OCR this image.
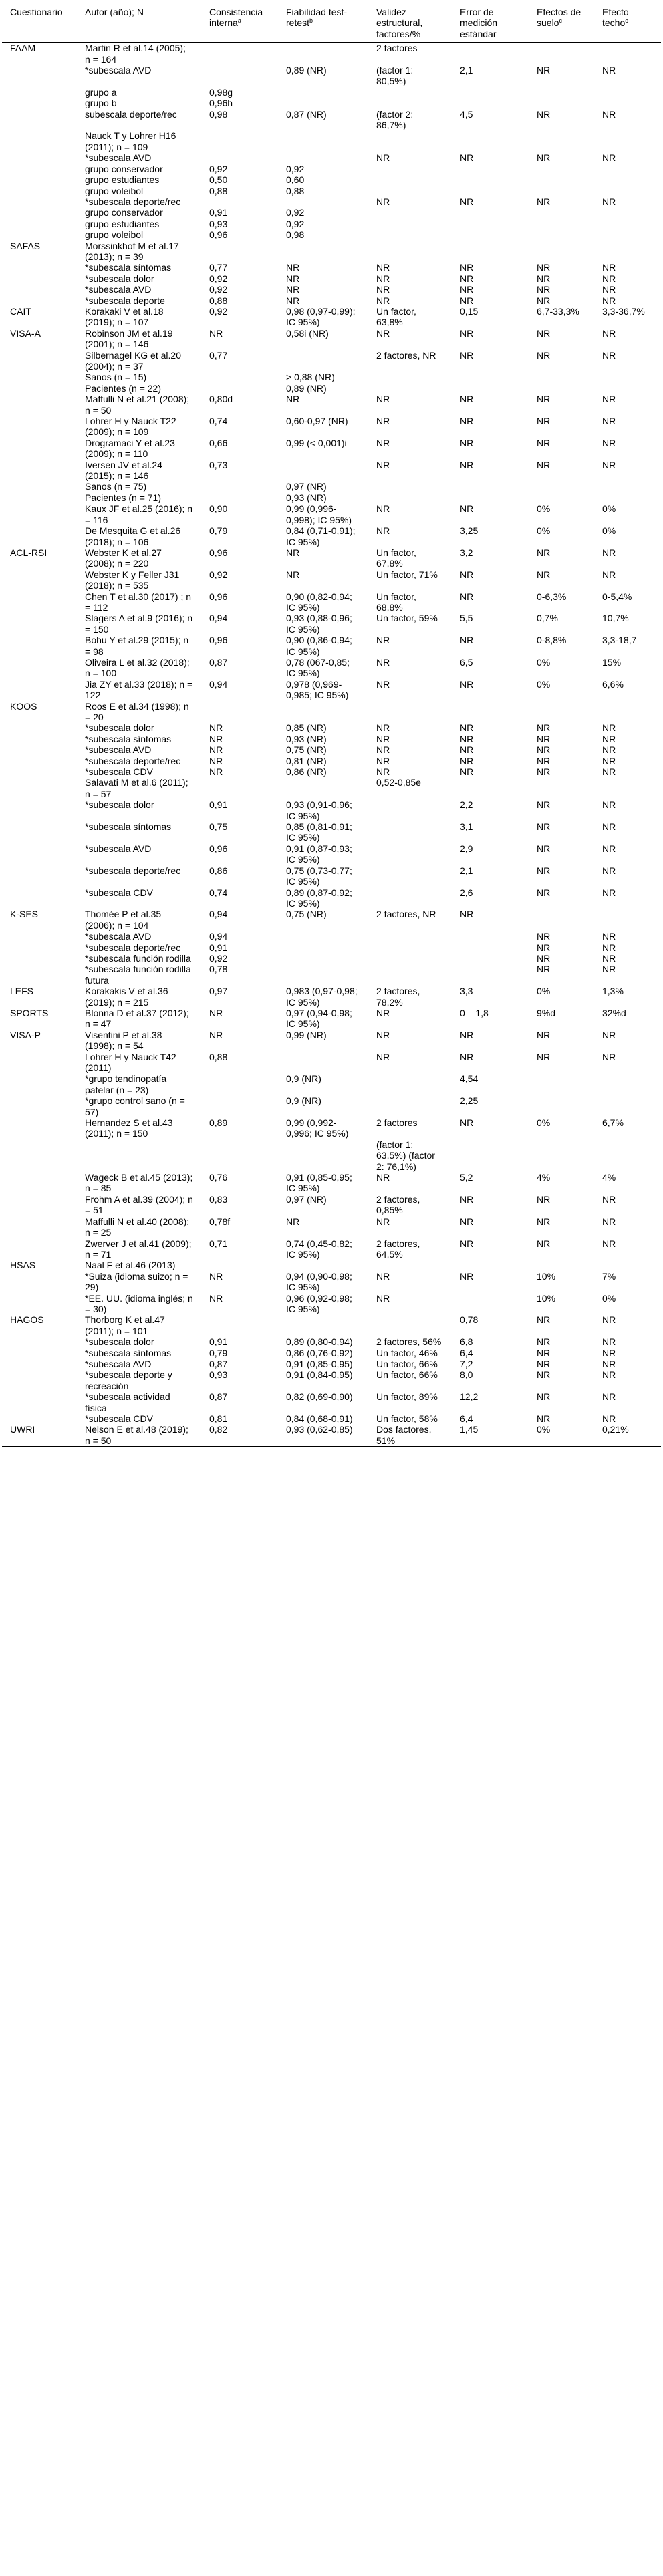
Cuestionario	Autor (año); N	Consistencia interna$^a$	Fiabilidad test-retest$^b$	Validez estructural, factores/%	Error de medición estándar	Efectos de suelo$^c$	Efecto techo$^c$
FAAM	Martin R et al.14 (2005); n = 164			2 factores			
	*subescala AVD		0,89 (NR)	(factor 1: 80,5%)	2,1	NR	NR
	grupo a	0,98g					
	grupo b	0,96h					
	subescala deporte/rec	0,98	0,87 (NR)	(factor 2: 86,7%)	4,5	NR	NR
	Nauck T y Lohrer H16 (2011); n = 109						
	*subescala AVD			NR	NR	NR	NR
	grupo conservador	0,92	0,92				
	grupo estudiantes	0,50	0,60				
	grupo voleibol	0,88	0,88				
	*subescala deporte/rec			NR	NR	NR	NR
	grupo conservador	0,91	0,92				
	grupo estudiantes	0,93	0,92				
	grupo voleibol	0,96	0,98				
SAFAS	Morssinkhof M et al.17 (2013); n = 39						
	*subescala síntomas	0,77	NR	NR	NR	NR	NR
	*subescala dolor	0,92	NR	NR	NR	NR	NR
	*subescala AVD	0,92	NR	NR	NR	NR	NR
	*subescala deporte	0,88	NR	NR	NR	NR	NR
CAIT	Korakaki V et al.18 (2019); n = 107	0,92	0,98 (0,97-0,99); IC 95%)	Un factor, 63,8%	0,15	6,7-33,3%	3,3-36,7%
VISA-A	Robinson JM et al.19 (2001); n = 146	NR	0,58i (NR)	NR	NR	NR	NR
	Silbernagel KG et al.20 (2004); n = 37	0,77		2 factores, NR	NR	NR	NR
	Sanos (n = 15)		> 0,88 (NR)				
	Pacientes (n = 22)		0,89 (NR)				
	Maffulli N et al.21 (2008); n = 50	0,80d	NR	NR	NR	NR	NR
	Lohrer H y Nauck T22 (2009); n = 109	0,74	0,60-0,97 (NR)	NR	NR	NR	NR
	Drogramaci Y et al.23 (2009); n = 110	0,66	0,99 (< 0,001)i	NR	NR	NR	NR
	Iversen JV et al.24 (2015); n = 146	0,73		NR	NR	NR	NR
	Sanos (n = 75)		0,97 (NR)				
	Pacientes (n = 71)		0,93 (NR)				
	Kaux JF et al.25 (2016); n = 116	0,90	0,99 (0,996-0,998); IC 95%)	NR	NR	0%	0%
	De Mesquita G et al.26 (2018); n = 106	0,79	0,84 (0,71-0,91); IC 95%)	NR	3,25	0%	0%
ACL-RSI	Webster K et al.27 (2008); n = 220	0,96	NR	Un factor, 67,8%	3,2	NR	NR
	Webster K y Feller J31 (2018); n = 535	0,92	NR	Un factor, 71%	NR	NR	NR
	Chen T et al.30 (2017) ; n = 112	0,96	0,90 (0,82-0,94; IC 95%)	Un factor, 68,8%	NR	0-6,3%	0-5,4%
	Slagers A et al.9 (2016); n = 150	0,94	0,93 (0,88-0,96; IC 95%)	Un factor, 59%	5,5	0,7%	10,7%
	Bohu Y et al.29 (2015); n = 98	0,96	0,90 (0,86-0,94; IC 95%)	NR	NR	0-8,8%	3,3-18,7
	Oliveira L et al.32 (2018); n = 100	0,87	0,78 (067-0,85; IC 95%)	NR	6,5	0%	15%
	Jia ZY et al.33 (2018); n = 122	0,94	0,978 (0,969-0,985; IC 95%)	NR	NR	0%	6,6%
KOOS	Roos E et al.34 (1998); n = 20						
	*subescala dolor	NR	0,85 (NR)	NR	NR	NR	NR
	*subescala síntomas	NR	0,93 (NR)	NR	NR	NR	NR
	*subescala AVD	NR	0,75 (NR)	NR	NR	NR	NR
	*subescala deporte/rec	NR	0,81 (NR)	NR	NR	NR	NR
	*subescala CDV	NR	0,86 (NR)	NR	NR	NR	NR
	Salavati M et al.6 (2011); n = 57			0,52-0,85e			
	*subescala dolor	0,91	0,93 (0,91-0,96; IC 95%)		2,2	NR	NR
	*subescala síntomas	0,75	0,85 (0,81-0,91; IC 95%)		3,1	NR	NR
	*subescala AVD	0,96	0,91 (0,87-0,93; IC 95%)		2,9	NR	NR
	*subescala deporte/rec	0,86	0,75 (0,73-0,77; IC 95%)		2,1	NR	NR
	*subescala CDV	0,74	0,89 (0,87-0,92; IC 95%)		2,6	NR	NR
K-SES	Thomée P et al.35 (2006); n = 104	0,94	0,75 (NR)	2 factores, NR	NR		
	*subescala AVD	0,94				NR	NR
	*subescala deporte/rec	0,91				NR	NR
	*subescala función rodilla	0,92				NR	NR
	*subescala función rodilla futura	0,78				NR	NR
LEFS	Korakakis V et al.36 (2019); n = 215	0,97	0,983 (0,97-0,98; IC 95%)	2 factores, 78,2%	3,3	0%	1,3%
SPORTS	Blonna D et al.37 (2012); n = 47	NR	0,97 (0,94-0,98; IC 95%)	NR	0 – 1,8	9%d	32%d
VISA-P	Visentini P et al.38 (1998); n = 54	NR	0,99 (NR)	NR	NR	NR	NR
	Lohrer H y Nauck T42 (2011)	0,88		NR	NR	NR	NR
	*grupo tendinopatía patelar (n = 23)		0,9 (NR)		4,54		
	*grupo control sano (n = 57)		0,9 (NR)		2,25		
	Hernandez S et al.43 (2011); n = 150	0,89	0,99 (0,992-0,996; IC 95%)	2 factores	NR	0%	6,7%
				(factor 1: 63,5%) (factor 2: 76,1%)			
	Wageck B et al.45 (2013); n = 85	0,76	0,91 (0,85-0,95; IC 95%)	NR	5,2	4%	4%
	Frohm A et al.39 (2004); n = 51	0,83	0,97 (NR)	2 factores, 0,85%	NR	NR	NR
	Maffulli N et al.40 (2008); n = 25	0,78f	NR	NR	NR	NR	NR
	Zwerver J et al.41 (2009); n = 71	0,71	0,74 (0,45-0,82; IC 95%)	2 factores, 64,5%	NR	NR	NR
HSAS	Naal F et al.46 (2013)						
	*Suiza (idioma suizo; n = 29)	NR	0,94 (0,90-0,98; IC 95%)	NR	NR	10%	7%
	*EE. UU. (idioma inglés; n = 30)	NR	0,96 (0,92-0,98; IC 95%)	NR		10%	0%
HAGOS	Thorborg K et al.47 (2011); n = 101				0,78	NR	NR
	*subescala dolor	0,91	0,89 (0,80-0,94)	2 factores, 56%	6,8	NR	NR
	*subescala síntomas	0,79	0,86 (0,76-0,92)	Un factor, 46%	6,4	NR	NR
	*subescala AVD	0,87	0,91 (0,85-0,95)	Un factor, 66%	7,2	NR	NR
	*subescala deporte y recreación	0,93	0,91 (0,84-0,95)	Un factor, 66%	8,0	NR	NR
	*subescala actividad física	0,87	0,82 (0,69-0,90)	Un factor, 89%	12,2	NR	NR
	*subescala CDV	0,81	0,84 (0,68-0,91)	Un factor, 58%	6,4	NR	NR
UWRI	Nelson E et al.48 (2019); n = 50	0,82	0,93 (0,62-0,85)	Dos factores, 51%	1,45	0%	0,21%
